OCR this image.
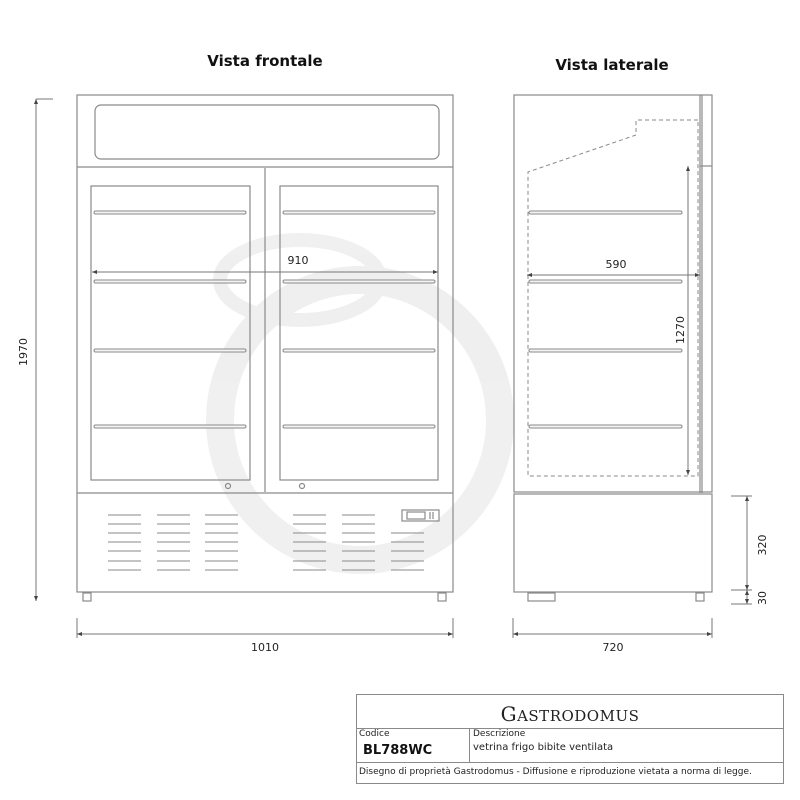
Vista frontale	Vista laterale
910
1970
1010
590
1270
320
30
720
GASTRODOMUS
Codice
BL788WC
Descrizione
vetrina frigo bibite ventilata
Disegno di proprietà Gastrodomus - Diffusione e riproduzione vietata a norma di legge.
